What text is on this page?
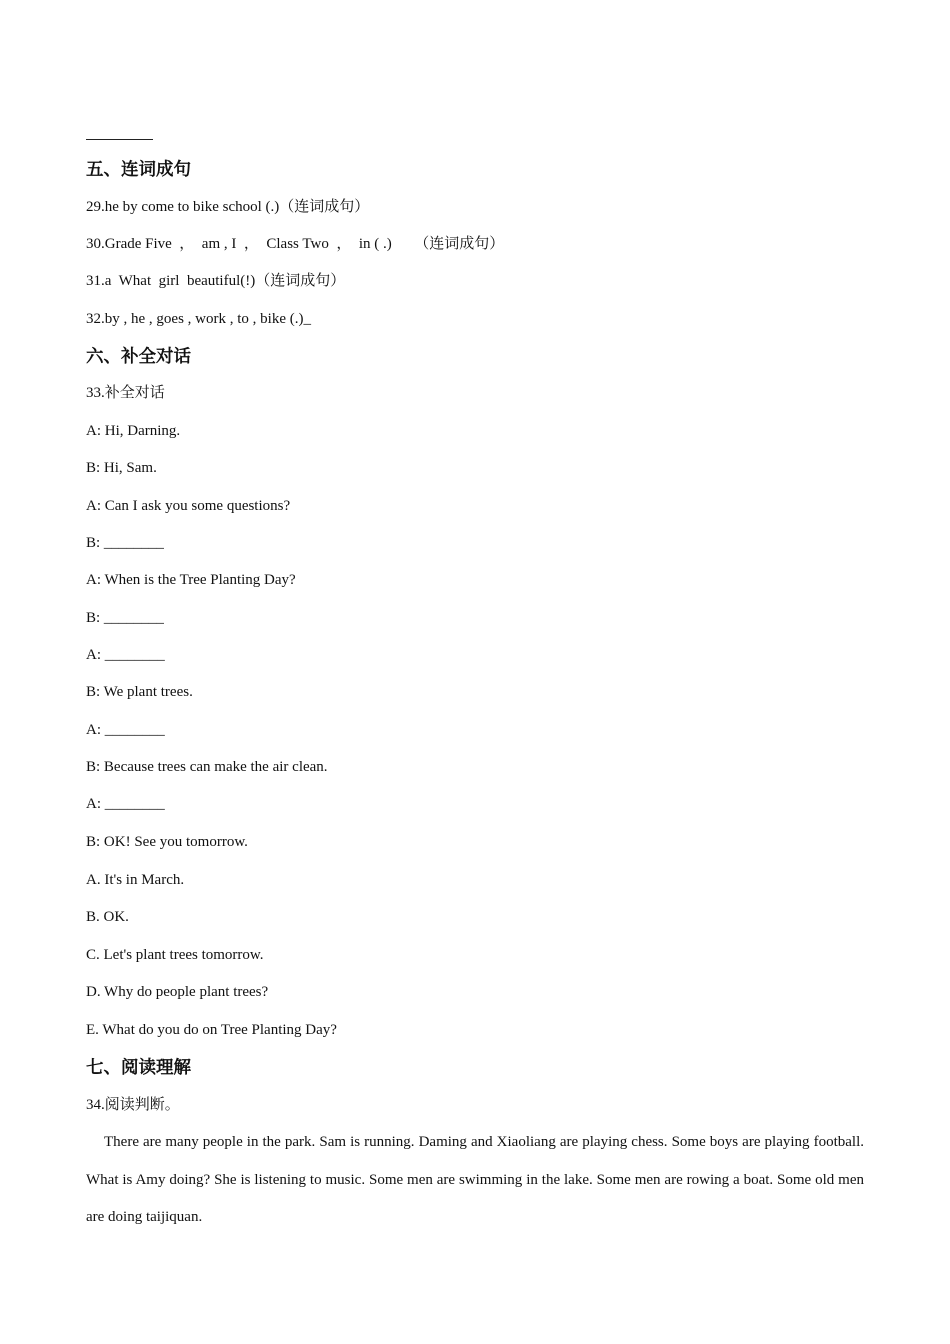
五、连词成句
29.he by come to bike school (.)（连词成句）
30.Grade Five  ，  am , I  ，  Class Two  ，  in ( .)      （连词成句）
31.a  What  girl  beautiful(!)（连词成句）
32.by , he , goes , work , to , bike (.)_
六、补全对话
33.补全对话
A: Hi, Darning.
B: Hi, Sam.
A: Can I ask you some questions?
B: ________
A: When is the Tree Planting Day?
B: ________
A: ________
B: We plant trees.
A: ________
B: Because trees can make the air clean.
A: ________
B: OK! See you tomorrow.
A. It's in March.
B. OK.
C. Let's plant trees tomorrow.
D. Why do people plant trees?
E. What do you do on Tree Planting Day?
七、阅读理解
34.阅读判断。
There are many people in the park. Sam is running. Daming and Xiaoliang are playing chess. Some boys are playing football. What is Amy doing? She is listening to music. Some men are swimming in the lake. Some men are rowing a boat. Some old men are doing taijiquan.
